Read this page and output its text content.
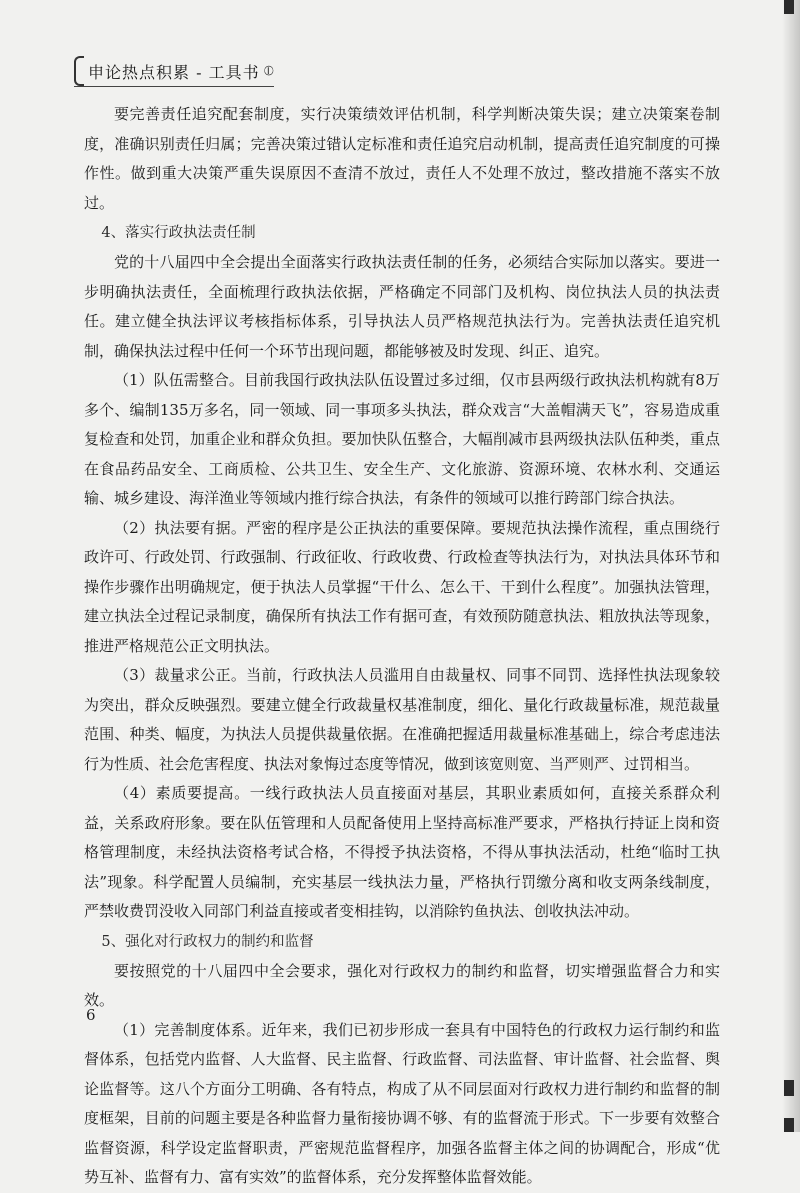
申论热点积累 - 工具书 ⦶

要完善责任追究配套制度，实行决策绩效评估机制，科学判断决策失误；建立决策案卷制度，准确识别责任归属；完善决策过错认定标准和责任追究启动机制，提高责任追究制度的可操作性。做到重大决策严重失误原因不查清不放过，责任人不处理不放过，整改措施不落实不放过。

4、落实行政执法责任制

党的十八届四中全会提出全面落实行政执法责任制的任务，必须结合实际加以落实。要进一步明确执法责任，全面梳理行政执法依据，严格确定不同部门及机构、岗位执法人员的执法责任。建立健全执法评议考核指标体系，引导执法人员严格规范执法行为。完善执法责任追究机制，确保执法过程中任何一个环节出现问题，都能够被及时发现、纠正、追究。

（1）队伍需整合。目前我国行政执法队伍设置过多过细，仅市县两级行政执法机构就有8万多个、编制135万多名，同一领域、同一事项多头执法，群众戏言“大盖帽满天飞”，容易造成重复检查和处罚，加重企业和群众负担。要加快队伍整合，大幅削减市县两级执法队伍种类，重点在食品药品安全、工商质检、公共卫生、安全生产、文化旅游、资源环境、农林水利、交通运输、城乡建设、海洋渔业等领域内推行综合执法，有条件的领域可以推行跨部门综合执法。

（2）执法要有据。严密的程序是公正执法的重要保障。要规范执法操作流程，重点围绕行政许可、行政处罚、行政强制、行政征收、行政收费、行政检查等执法行为，对执法具体环节和操作步骤作出明确规定，便于执法人员掌握“干什么、怎么干、干到什么程度”。加强执法管理，建立执法全过程记录制度，确保所有执法工作有据可查，有效预防随意执法、粗放执法等现象，推进严格规范公正文明执法。

（3）裁量求公正。当前，行政执法人员滥用自由裁量权、同事不同罚、选择性执法现象较为突出，群众反映强烈。要建立健全行政裁量权基准制度，细化、量化行政裁量标准，规范裁量范围、种类、幅度，为执法人员提供裁量依据。在准确把握适用裁量标准基础上，综合考虑违法行为性质、社会危害程度、执法对象悔过态度等情况，做到该宽则宽、当严则严、过罚相当。

（4）素质要提高。一线行政执法人员直接面对基层，其职业素质如何，直接关系群众利益，关系政府形象。要在队伍管理和人员配备使用上坚持高标准严要求，严格执行持证上岗和资格管理制度，未经执法资格考试合格，不得授予执法资格，不得从事执法活动，杜绝“临时工执法”现象。科学配置人员编制，充实基层一线执法力量，严格执行罚缴分离和收支两条线制度，严禁收费罚没收入同部门利益直接或者变相挂钩，以消除钓鱼执法、创收执法冲动。

5、强化对行政权力的制约和监督

要按照党的十八届四中全会要求，强化对行政权力的制约和监督，切实增强监督合力和实效。

（1）完善制度体系。近年来，我们已初步形成一套具有中国特色的行政权力运行制约和监督体系，包括党内监督、人大监督、民主监督、行政监督、司法监督、审计监督、社会监督、舆论监督等。这八个方面分工明确、各有特点，构成了从不同层面对行政权力进行制约和监督的制度框架，目前的问题主要是各种监督力量衔接协调不够、有的监督流于形式。下一步要有效整合监督资源，科学设定监督职责，严密规范监督程序，加强各监督主体之间的协调配合，形成“优势互补、监督有力、富有实效”的监督体系，充分发挥整体监督效能。

6
